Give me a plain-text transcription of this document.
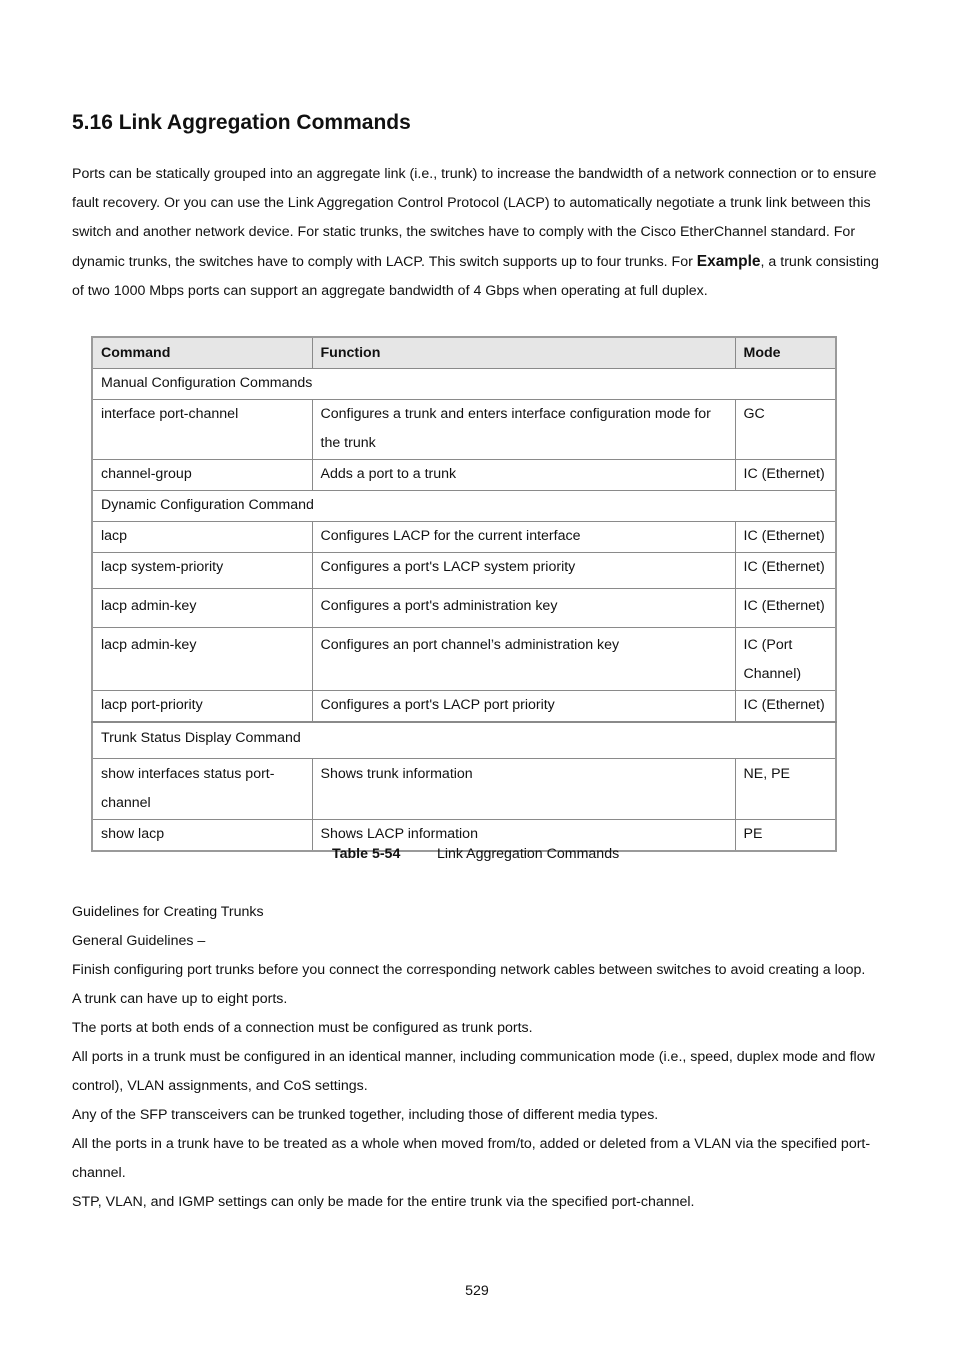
5.16 Link Aggregation Commands

Ports can be statically grouped into an aggregate link (i.e., trunk) to increase the bandwidth of a network connection or to ensure fault recovery. Or you can use the Link Aggregation Control Protocol (LACP) to automatically negotiate a trunk link between this switch and another network device. For static trunks, the switches have to comply with the Cisco EtherChannel standard. For dynamic trunks, the switches have to comply with LACP. This switch supports up to four trunks. For Example, a trunk consisting of two 1000 Mbps ports can support an aggregate bandwidth of 4 Gbps when operating at full duplex.

Command	Function	Mode
Manual Configuration Commands		
interface port-channel	Configures a trunk and enters interface configuration mode for the trunk	GC
channel-group	Adds a port to a trunk	IC (Ethernet)
Dynamic Configuration Command		
lacp	Configures LACP for the current interface	IC (Ethernet)
lacp system-priority	Configures a port's LACP system priority	IC (Ethernet)
lacp admin-key	Configures a port's administration key	IC (Ethernet)
lacp admin-key	Configures an port channel’s administration key	IC (Port Channel)
lacp port-priority	Configures a port's LACP port priority	IC (Ethernet)
Trunk Status Display Command		
show interfaces status port-channel	Shows trunk information	NE, PE
show lacp	Shows LACP information	PE
Table 5-54	Link Aggregation Commands

Guidelines for Creating Trunks

General Guidelines –

Finish configuring port trunks before you connect the corresponding network cables between switches to avoid creating a loop.

A trunk can have up to eight ports.

The ports at both ends of a connection must be configured as trunk ports.

All ports in a trunk must be configured in an identical manner, including communication mode (i.e., speed, duplex mode and flow control), VLAN assignments, and CoS settings.

Any of the SFP transceivers can be trunked together, including those of different media types.

All the ports in a trunk have to be treated as a whole when moved from/to, added or deleted from a VLAN via the specified port-channel.

STP, VLAN, and IGMP settings can only be made for the entire trunk via the specified port-channel.

529
